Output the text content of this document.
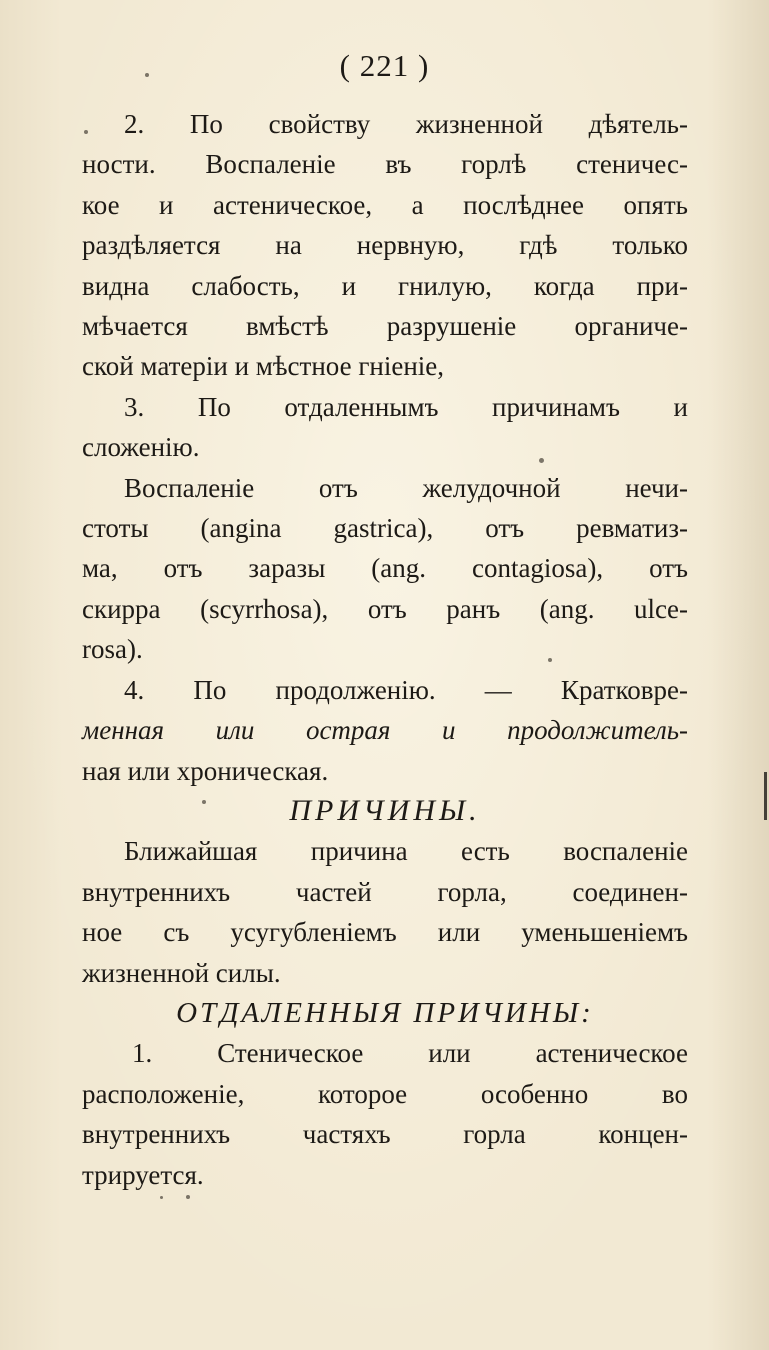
( 221 )
2. По свойству жизненной дѣятель-
ности. Воспаленіе въ горлѣ стеничес-
кое и астеническое, а послѣднее опять
раздѣляется на нервную, гдѣ только
видна слабость, и гнилую, когда при-
мѣчается вмѣстѣ разрушеніе органиче-
ской матеріи и мѣстное гніеніе,
3. По отдаленнымъ причинамъ и
сложенію.
Воспаленіе отъ желудочной нечи-
стоты (angina gastrica), отъ ревматиз-
ма, отъ заразы (ang. contagiosa), отъ
скирра (scyrrhosa), отъ ранъ (ang. ulce-
rosa).
4. По продолженію. — Кратковре-
менная или острая и продолжитель-
ная или хроническая.
ПРИЧИНЫ.
Ближайшая причина есть воспаленіе
внутреннихъ частей горла, соединен-
ное съ усугубленіемъ или уменьшеніемъ
жизненной силы.
ОТДАЛЕННЫЯ ПРИЧИНЫ:
1. Стеническое или астеническое
расположеніе, которое особенно во
внутреннихъ частяхъ горла концен-
трируется.
